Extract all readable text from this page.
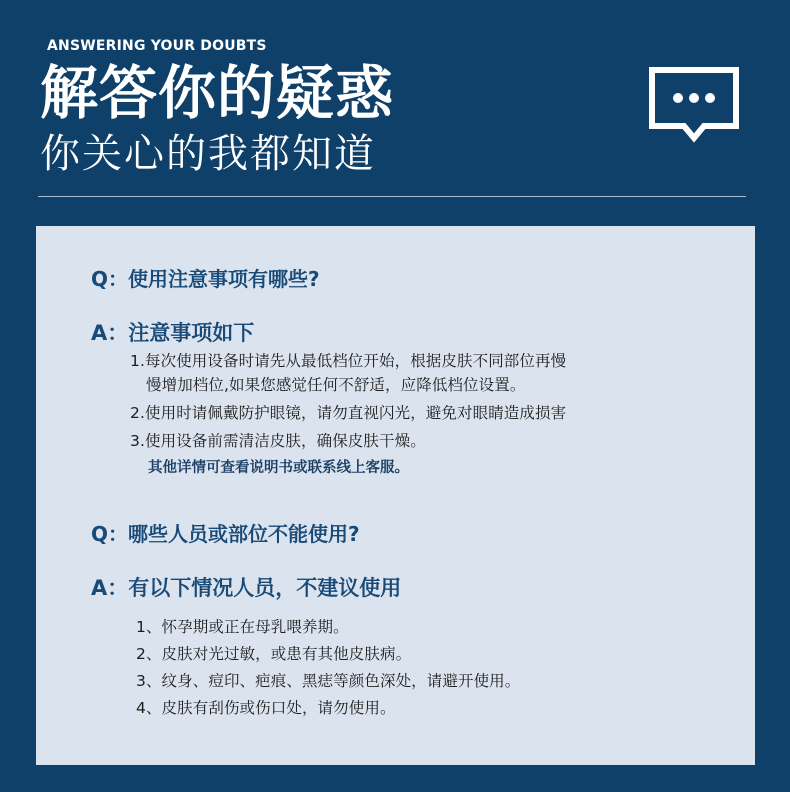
ANSWERING YOUR DOUBTS
解答你的疑惑
你关心的我都知道
Q：使用注意事项有哪些?
A：注意事项如下
1.每次使用设备时请先从最低档位开始，根据皮肤不同部位再慢
慢增加档位,如果您感觉任何不舒适，应降低档位设置。
2.使用时请佩戴防护眼镜，请勿直视闪光，避免对眼睛造成损害
3.使用设备前需清洁皮肤，确保皮肤干燥。
其他详情可查看说明书或联系线上客服。
Q：哪些人员或部位不能使用?
A：有以下情况人员，不建议使用
1、怀孕期或正在母乳喂养期。
2、皮肤对光过敏，或患有其他皮肤病。
3、纹身、痘印、疤痕、黑痣等颜色深处，请避开使用。
4、皮肤有刮伤或伤口处，请勿使用。
